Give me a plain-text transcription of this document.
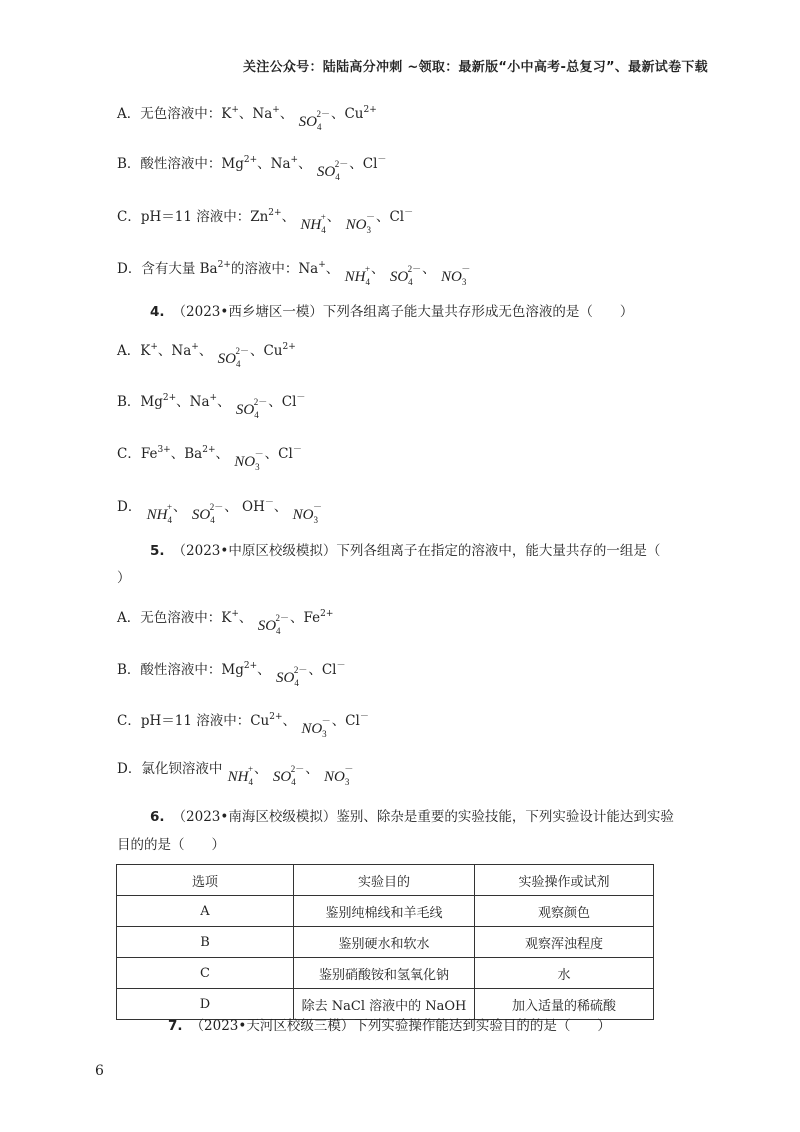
关注公众号：陆陆高分冲刺 ~领取：最新版“小中高考-总复习”、最新试卷下载
A．无色溶液中：K+、Na+、 $SO_4^{2-}$、$Cu^{2+}$
B．酸性溶液中：$Mg^{2+}$、Na+、 $SO_4^{2-}$、Cl－
C．pH＝11 溶液中：$Zn^{2+}$、 $NH_4^+$、 $NO_3^-$、Cl－
D．含有大量 $Ba^{2+}$的溶液中：Na+、 $NH_4^+$、 $SO_4^{2-}$、 $NO_3^-$
4. （2023•西乡塘区一模）下列各组离子能大量共存形成无色溶液的是（　　）
A．K+、Na+、 $SO_4^{2-}$、$Cu^{2+}$
B．$Mg^{2+}$、Na+、 $SO_4^{2-}$、Cl－
C．$Fe^{3+}$、$Ba^{2+}$、 $NO_3^-$、Cl－
D． $NH_4^+$、 $SO_4^{2-}$、 OH－、 $NO_3^-$
5. （2023•中原区校级模拟）下列各组离子在指定的溶液中，能大量共存的一组是（
）
A．无色溶液中：K+、 $SO_4^{2-}$、$Fe^{2+}$
B．酸性溶液中：$Mg^{2+}$、 $SO_4^{2-}$、Cl－
C．pH＝11 溶液中：$Cu^{2+}$、 $NO_3^-$、Cl－
D．氯化钡溶液中 $NH_4^+$、 $SO_4^{2-}$、 $NO_3^-$
6. （2023•南海区校级模拟）鉴别、除杂是重要的实验技能，下列实验设计能达到实验
目的的是（　　）
选项	实验目的	实验操作或试剂
A	鉴别纯棉线和羊毛线	观察颜色
B	鉴别硬水和软水	观察浑浊程度
C	鉴别硝酸铵和氢氧化钠	水
D	除去 NaCl 溶液中的 NaOH	加入适量的稀硫酸
7. （2023•天河区校级三模）下列实验操作能达到实验目的的是（　　）
6
